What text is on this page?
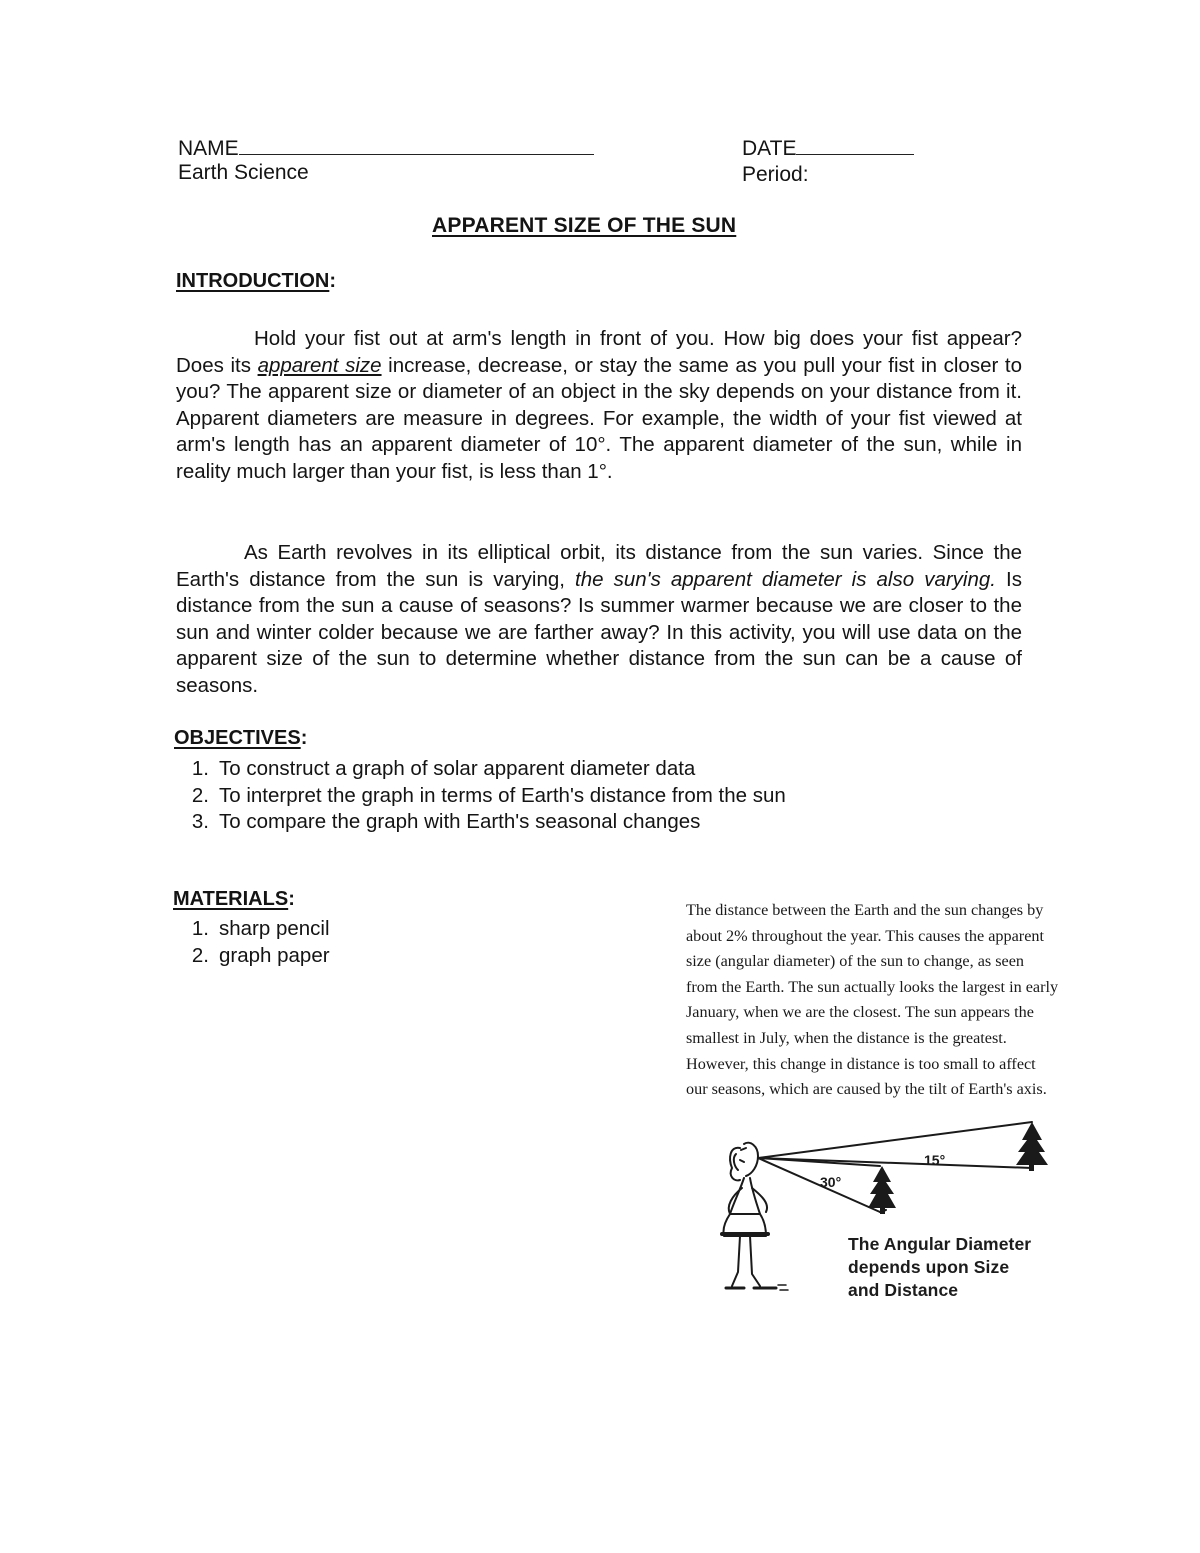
NAME
Earth Science
DATE
Period:
APPARENT SIZE OF THE SUN
INTRODUCTION:

Hold your fist out at arm's length in front of you. How big does your fist appear? Does its apparent size increase, decrease, or stay the same as you pull your fist in closer to you? The apparent size or diameter of an object in the sky depends on your distance from it. Apparent diameters are measure in degrees. For example, the width of your fist viewed at arm's length has an apparent diameter of 10°. The apparent diameter of the sun, while in reality much larger than your fist, is less than 1°.

As Earth revolves in its elliptical orbit, its distance from the sun varies. Since the Earth's distance from the sun is varying, the sun's apparent diameter is also varying. Is distance from the sun a cause of seasons? Is summer warmer because we are closer to the sun and winter colder because we are farther away? In this activity, you will use data on the apparent size of the sun to determine whether distance from the sun can be a cause of seasons.

OBJECTIVES:
1. To construct a graph of solar apparent diameter data
2. To interpret the graph in terms of Earth's distance from the sun
3. To compare the graph with Earth's seasonal changes
MATERIALS:
1. sharp pencil
2. graph paper
The distance between the Earth and the sun changes by
about 2% throughout the year. This causes the apparent
size (angular diameter) of the sun to change, as seen
from the Earth. The sun actually looks the largest in early
January, when we are the closest. The sun appears the
smallest in July, when the distance is the greatest.
However, this change in distance is too small to affect
our seasons, which are caused by the tilt of Earth's axis.
15°
30°
The Angular Diameter
depends upon Size
and Distance
